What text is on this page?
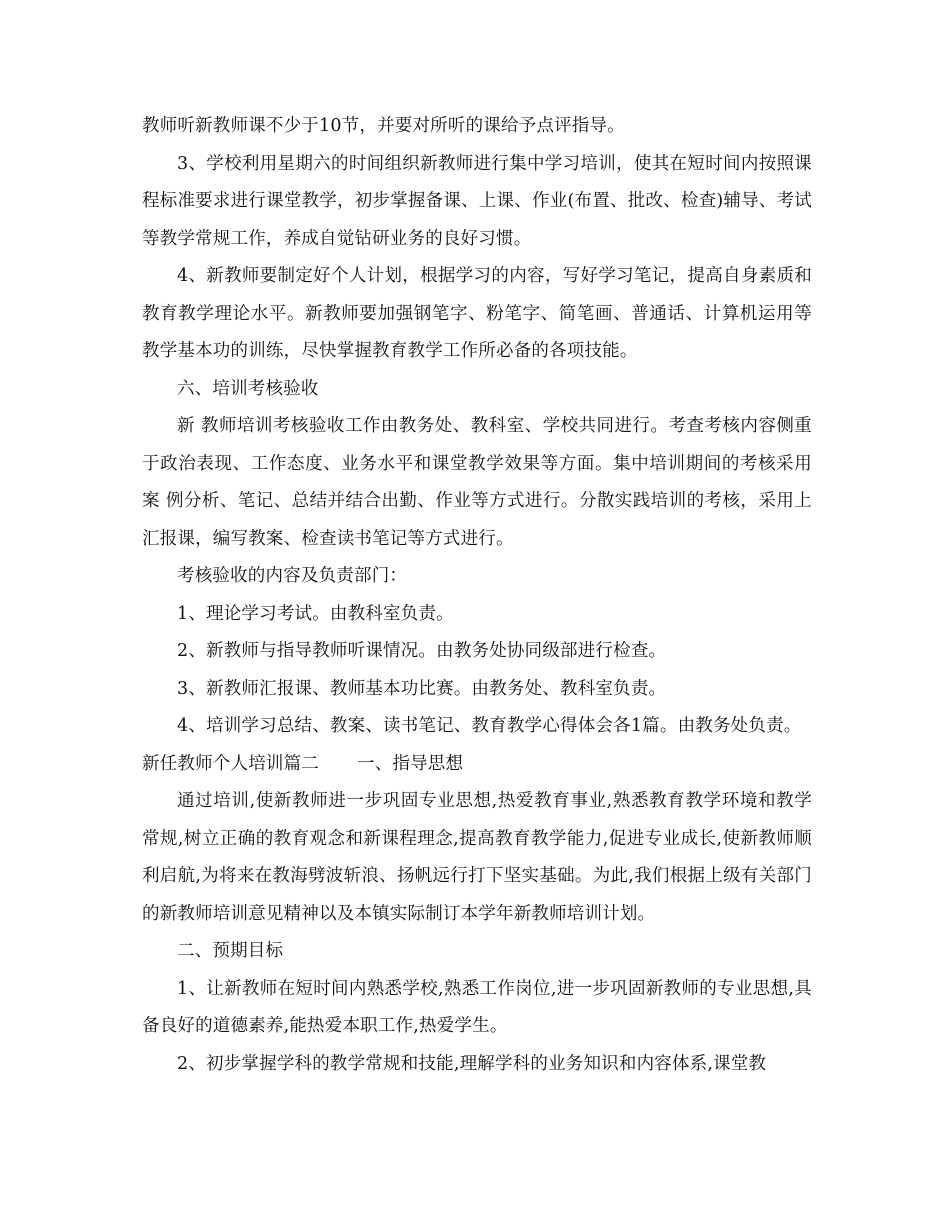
教师听新教师课不少于10节，并要对所听的课给予点评指导。

3、学校利用星期六的时间组织新教师进行集中学习培训，使其在短时间内按照课程标准要求进行课堂教学，初步掌握备课、上课、作业(布置、批改、检查)辅导、考试等教学常规工作，养成自觉钻研业务的良好习惯。

4、新教师要制定好个人计划，根据学习的内容，写好学习笔记，提高自身素质和教育教学理论水平。新教师要加强钢笔字、粉笔字、简笔画、普通话、计算机运用等教学基本功的训练，尽快掌握教育教学工作所必备的各项技能。

六、培训考核验收

新 教师培训考核验收工作由教务处、教科室、学校共同进行。考查考核内容侧重于政治表现、工作态度、业务水平和课堂教学效果等方面。集中培训期间的考核采用案 例分析、笔记、总结并结合出勤、作业等方式进行。分散实践培训的考核，采用上汇报课，编写教案、检查读书笔记等方式进行。

考核验收的内容及负责部门：

1、理论学习考试。由教科室负责。

2、新教师与指导教师听课情况。由教务处协同级部进行检查。

3、新教师汇报课、教师基本功比赛。由教务处、教科室负责。

4、培训学习总结、教案、读书笔记、教育教学心得体会各1篇。由教务处负责。

新任教师个人培训篇二 一、指导思想

通过培训,使新教师进一步巩固专业思想,热爱教育事业,熟悉教育教学环境和教学常规,树立正确的教育观念和新课程理念,提高教育教学能力,促进专业成长,使新教师顺利启航,为将来在教海劈波斩浪、扬帆远行打下坚实基础。为此,我们根据上级有关部门的新教师培训意见精神以及本镇实际制订本学年新教师培训计划。

二、预期目标

1、让新教师在短时间内熟悉学校,熟悉工作岗位,进一步巩固新教师的专业思想,具备良好的道德素养,能热爱本职工作,热爱学生。

2、初步掌握学科的教学常规和技能,理解学科的业务知识和内容体系,课堂教
